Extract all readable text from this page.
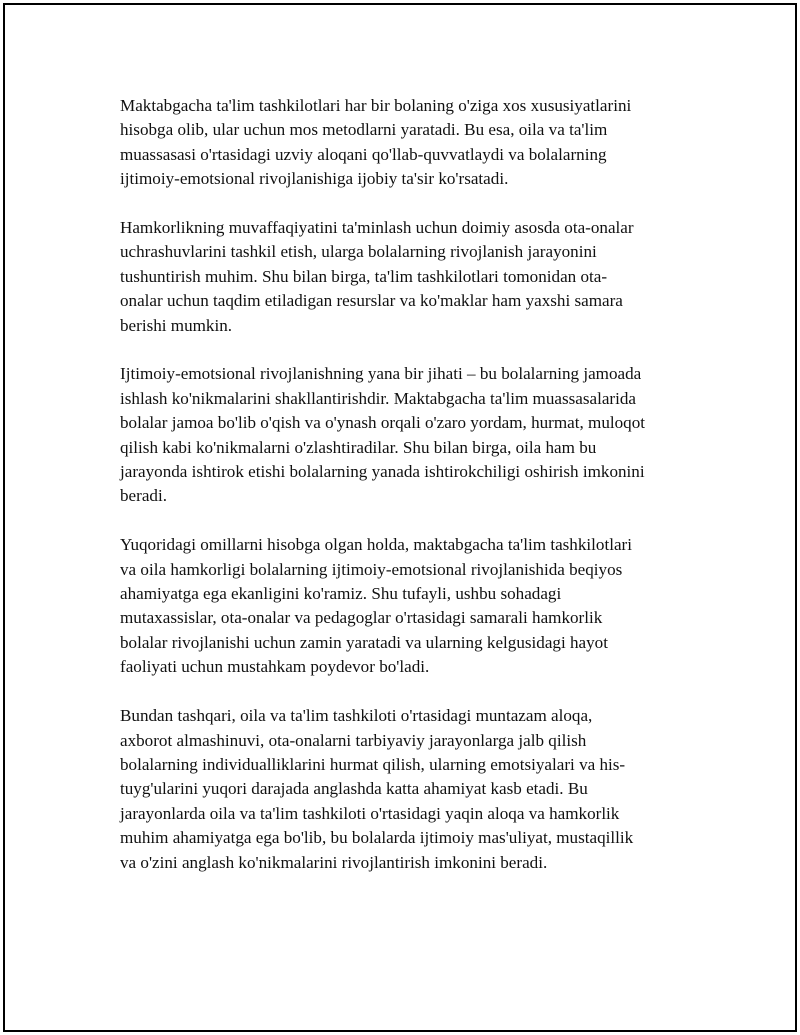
Maktabgacha ta'lim tashkilotlari har bir bolaning o'ziga xos xususiyatlarini
hisobga olib, ular uchun mos metodlarni yaratadi. Bu esa, oila va ta'lim
muassasasi o'rtasidagi uzviy aloqani qo'llab-quvvatlaydi va bolalarning
ijtimoiy-emotsional rivojlanishiga ijobiy ta'sir ko'rsatadi.

Hamkorlikning muvaffaqiyatini ta'minlash uchun doimiy asosda ota-onalar
uchrashuvlarini tashkil etish, ularga bolalarning rivojlanish jarayonini
tushuntirish muhim. Shu bilan birga, ta'lim tashkilotlari tomonidan ota-
onalar uchun taqdim etiladigan resurslar va ko'maklar ham yaxshi samara
berishi mumkin.

Ijtimoiy-emotsional rivojlanishning yana bir jihati – bu bolalarning jamoada
ishlash ko'nikmalarini shakllantirishdir. Maktabgacha ta'lim muassasalarida
bolalar jamoa bo'lib o'qish va o'ynash orqali o'zaro yordam, hurmat, muloqot
qilish kabi ko'nikmalarni o'zlashtiradilar. Shu bilan birga, oila ham bu
jarayonda ishtirok etishi bolalarning yanada ishtirokchiligi oshirish imkonini
beradi.

Yuqoridagi omillarni hisobga olgan holda, maktabgacha ta'lim tashkilotlari
va oila hamkorligi bolalarning ijtimoiy-emotsional rivojlanishida beqiyos
ahamiyatga ega ekanligini ko'ramiz. Shu tufayli, ushbu sohadagi
mutaxassislar, ota-onalar va pedagoglar o'rtasidagi samarali hamkorlik
bolalar rivojlanishi uchun zamin yaratadi va ularning kelgusidagi hayot
faoliyati uchun mustahkam poydevor bo'ladi.

Bundan tashqari, oila va ta'lim tashkiloti o'rtasidagi muntazam aloqa,
axborot almashinuvi, ota-onalarni tarbiyaviy jarayonlarga jalb qilish
bolalarning individualliklarini hurmat qilish, ularning emotsiyalari va his-
tuyg'ularini yuqori darajada anglashda katta ahamiyat kasb etadi. Bu
jarayonlarda oila va ta'lim tashkiloti o'rtasidagi yaqin aloqa va hamkorlik
muhim ahamiyatga ega bo'lib, bu bolalarda ijtimoiy mas'uliyat, mustaqillik
va o'zini anglash ko'nikmalarini rivojlantirish imkonini beradi.
